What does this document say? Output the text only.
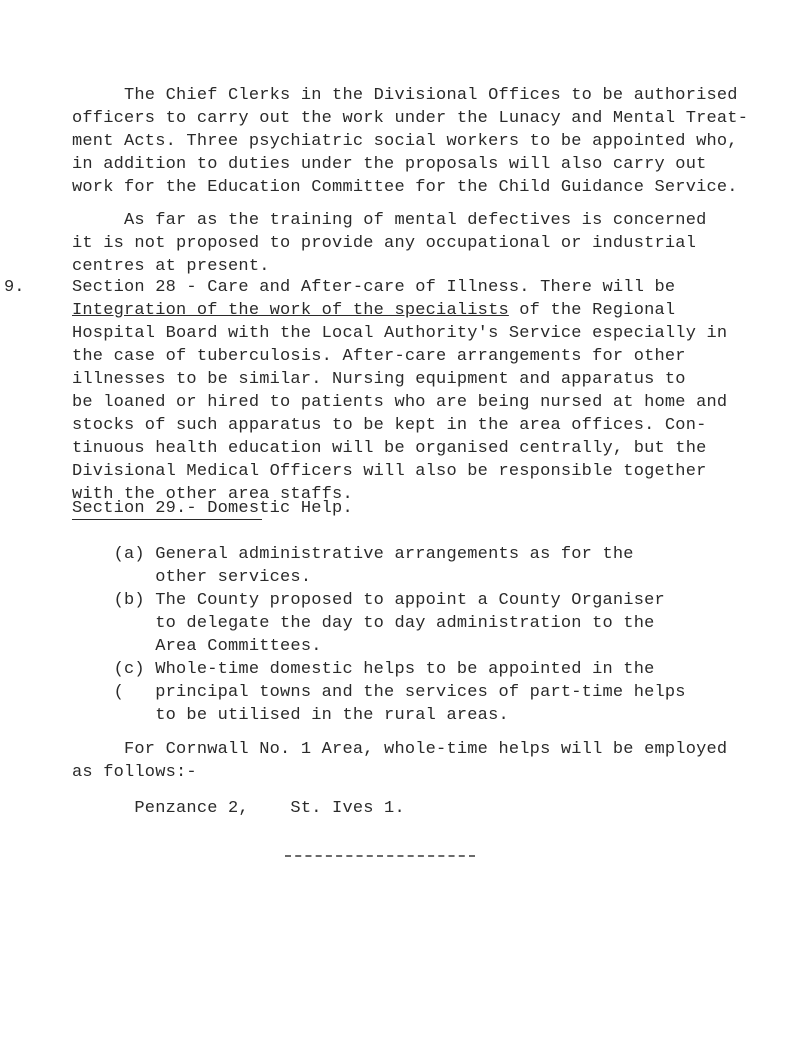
The Chief Clerks in the Divisional Offices to be authorised
officers to carry out the work under the Lunacy and Mental Treat-
ment Acts. Three psychiatric social workers to be appointed who,
in addition to duties under the proposals will also carry out
work for the Education Committee for the Child Guidance Service.
As far as the training of mental defectives is concerned
it is not proposed to provide any occupational or industrial
centres at present.
9.	Section 28 - Care and After-care of Illness. There will be
Integration of the work of the specialists of the Regional
Hospital Board with the Local Authority's Service especially in
the case of tuberculosis. After-care arrangements for other
illnesses to be similar. Nursing equipment and apparatus to
be loaned or hired to patients who are being nursed at home and
stocks of such apparatus to be kept in the area offices. Con-
tinuous health education will be organised centrally, but the
Divisional Medical Officers will also be responsible together
with the other area staffs.
Section 29.- Domestic Help.
(a) General administrative arrangements as for the
other services.
(b) The County proposed to appoint a County Organiser
to delegate the day to day administration to the
Area Committees.
(c) Whole-time domestic helps to be appointed in the
(   principal towns and the services of part-time helps
to be utilised in the rural areas.
For Cornwall No. 1 Area, whole-time helps will be employed
as follows:-
Penzance 2,    St. Ives 1.
